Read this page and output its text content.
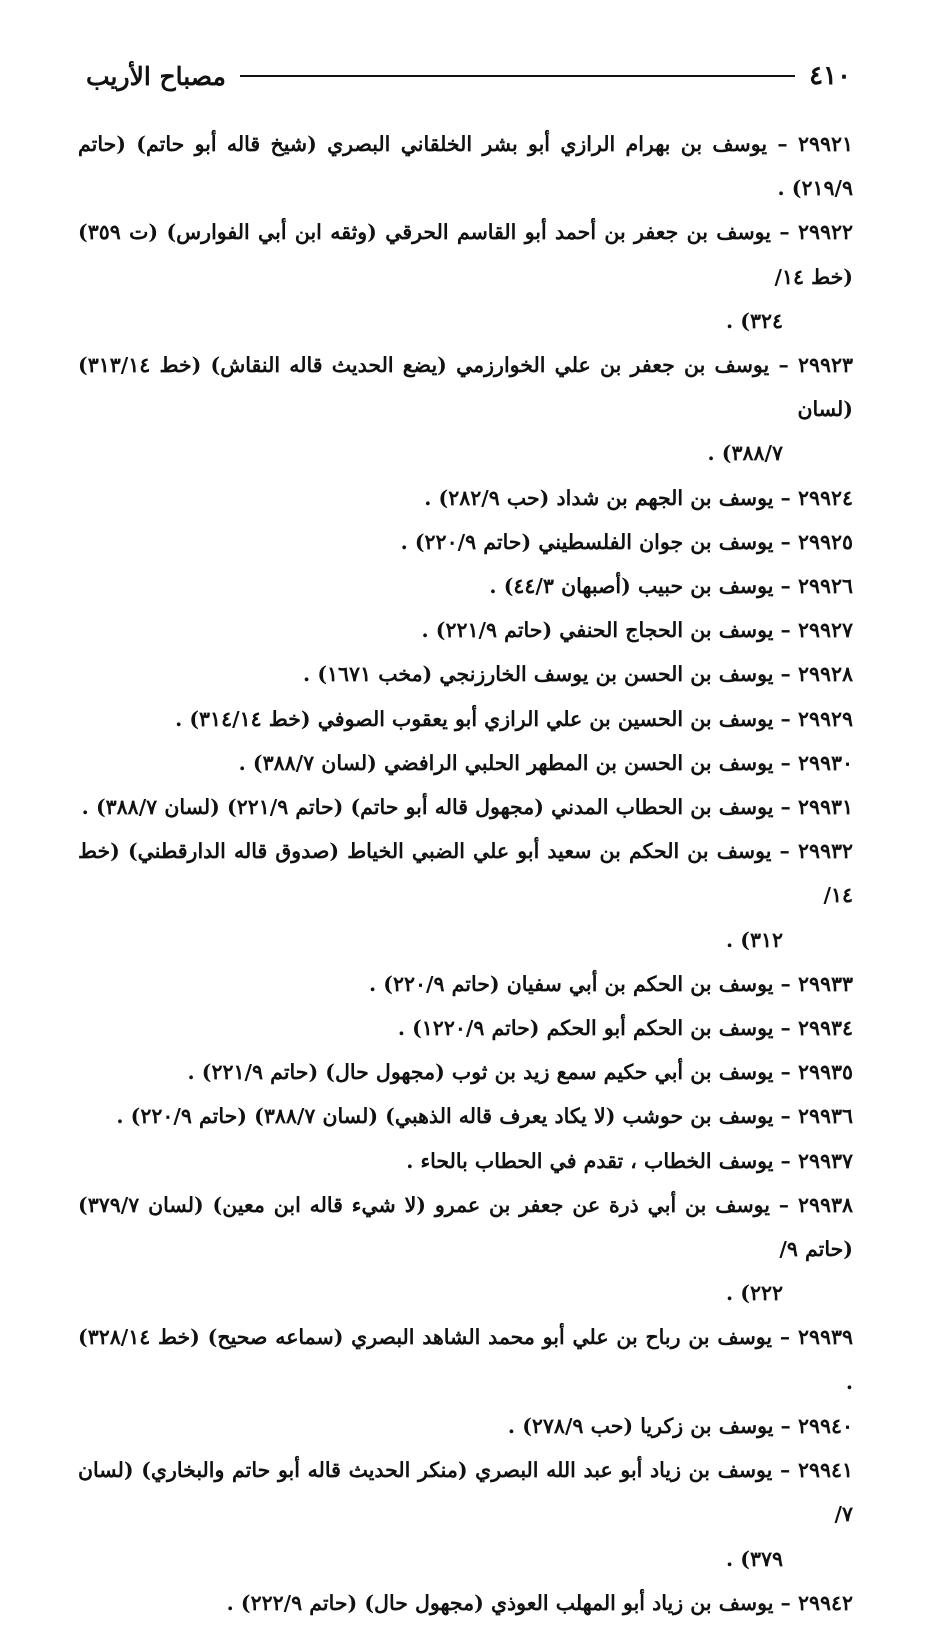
٤١٠
مصباح الأريب

٢٩٩٢١ – يوسف بن بهرام الرازي أبو بشر الخلقاني البصري (شيخ قاله أبو حاتم) (حاتم ٢١٩/٩) .

٢٩٩٢٢ – يوسف بن جعفر بن أحمد أبو القاسم الحرقي (وثقه ابن أبي الفوارس) (ت ٣٥٩) (خط ١٤/
٣٢٤) .

٢٩٩٢٣ – يوسف بن جعفر بن علي الخوارزمي (يضع الحديث قاله النقاش) (خط ٣١٣/١٤) (لسان
٣٨٨/٧) .

٢٩٩٢٤ – يوسف بن الجهم بن شداد (حب ٢٨٢/٩) .

٢٩٩٢٥ – يوسف بن جوان الفلسطيني (حاتم ٢٢٠/٩) .

٢٩٩٢٦ – يوسف بن حبيب (أصبهان ٤٤/٣) .

٢٩٩٢٧ – يوسف بن الحجاج الحنفي (حاتم ٢٢١/٩) .

٢٩٩٢٨ – يوسف بن الحسن بن يوسف الخارزنجي (مخب ١٦٧١) .

٢٩٩٢٩ – يوسف بن الحسين بن علي الرازي أبو يعقوب الصوفي (خط ٣١٤/١٤) .

٢٩٩٣٠ – يوسف بن الحسن بن المطهر الحلبي الرافضي (لسان ٣٨٨/٧) .

٢٩٩٣١ – يوسف بن الحطاب المدني (مجهول قاله أبو حاتم) (حاتم ٢٢١/٩) (لسان ٣٨٨/٧) .

٢٩٩٣٢ – يوسف بن الحكم بن سعيد أبو علي الضبي الخياط (صدوق قاله الدارقطني) (خط ١٤/
٣١٢) .

٢٩٩٣٣ – يوسف بن الحكم بن أبي سفيان (حاتم ٢٢٠/٩) .

٢٩٩٣٤ – يوسف بن الحكم أبو الحكم (حاتم ١٢٢٠/٩) .

٢٩٩٣٥ – يوسف بن أبي حكيم سمع زيد بن ثوب (مجهول حال) (حاتم ٢٢١/٩) .

٢٩٩٣٦ – يوسف بن حوشب (لا يكاد يعرف قاله الذهبي) (لسان ٣٨٨/٧) (حاتم ٢٢٠/٩) .

٢٩٩٣٧ – يوسف الخطاب ، تقدم في الحطاب بالحاء .

٢٩٩٣٨ – يوسف بن أبي ذرة عن جعفر بن عمرو (لا شيء قاله ابن معين) (لسان ٣٧٩/٧) (حاتم ٩/
٢٢٢) .

٢٩٩٣٩ – يوسف بن رباح بن علي أبو محمد الشاهد البصري (سماعه صحيح) (خط ٣٢٨/١٤) .

٢٩٩٤٠ – يوسف بن زكريا (حب ٢٧٨/٩) .

٢٩٩٤١ – يوسف بن زياد أبو عبد الله البصري (منكر الحديث قاله أبو حاتم والبخاري) (لسان ٧/
٣٧٩) .

٢٩٩٤٢ – يوسف بن زياد أبو المهلب العوذي (مجهول حال) (حاتم ٢٢٢/٩) .
